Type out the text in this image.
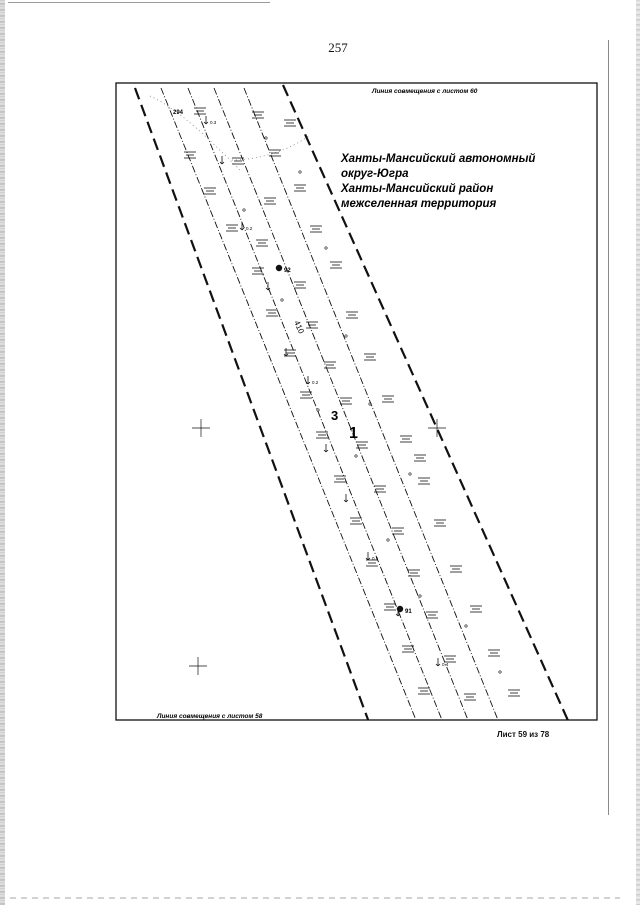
257
92
91
294
410
3
1
Линия совмещения с листом 60
Линия совмещения с листом 58
Ханты-Мансийский автономный
округ-Югра
Ханты-Мансийский район
межселенная территория
0.3
0.2
0.2
0.5
0.4
Лист 59 из 78
